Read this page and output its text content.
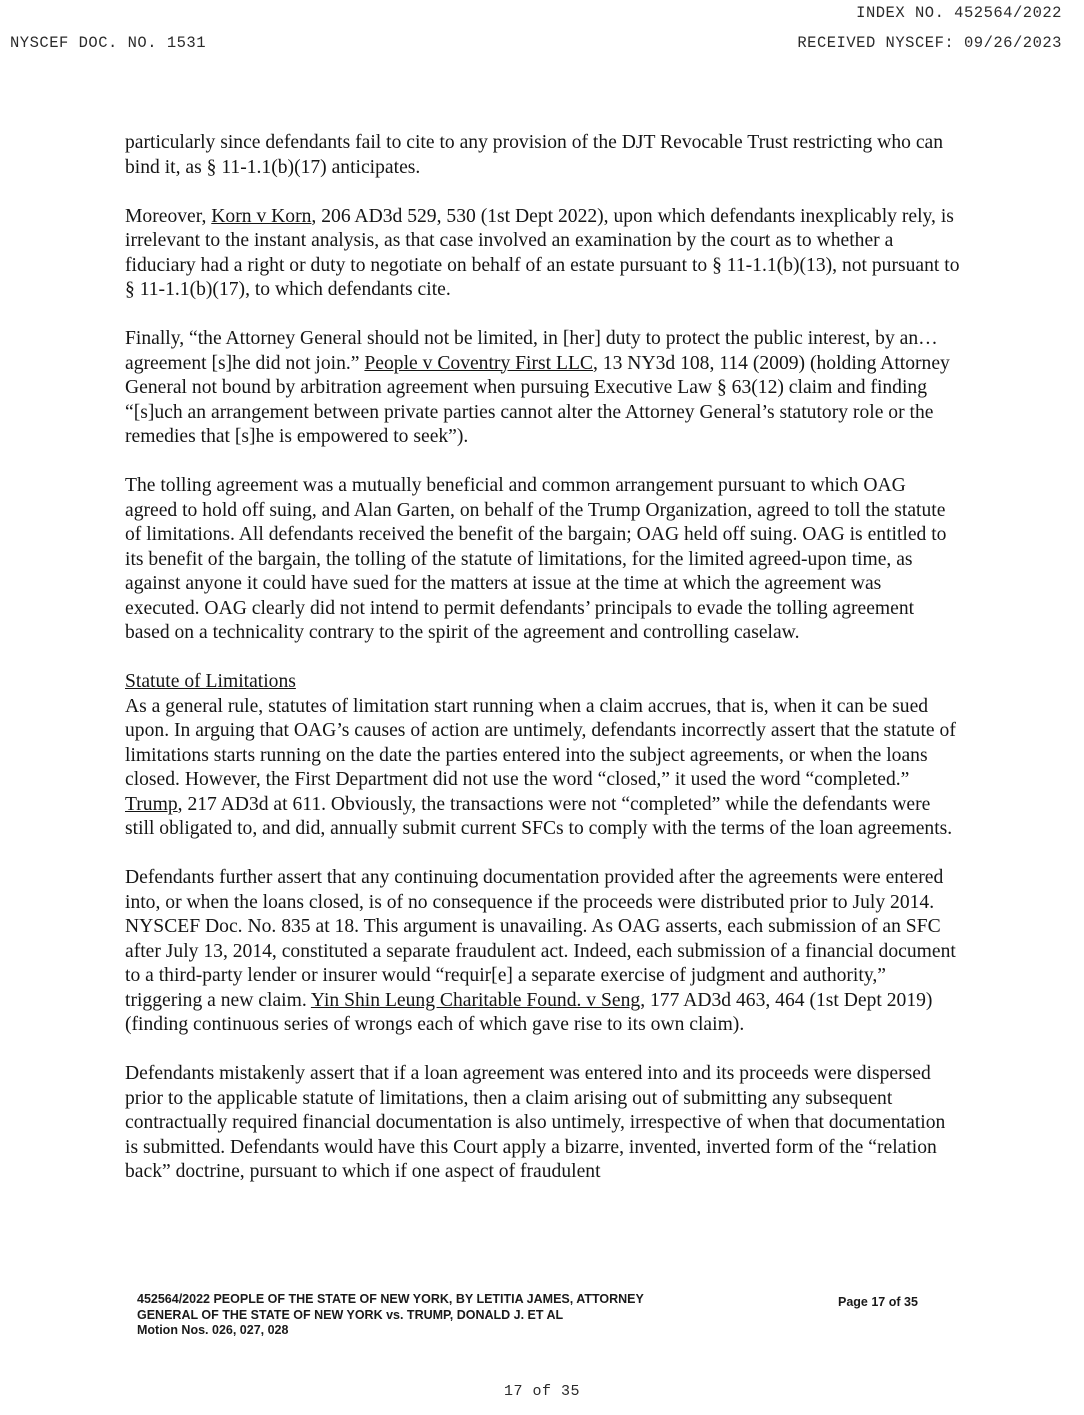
INDEX NO. 452564/2022
NYSCEF DOC. NO. 1531	RECEIVED NYSCEF: 09/26/2023

particularly since defendants fail to cite to any provision of the DJT Revocable Trust restricting who can bind it, as § 11-1.1(b)(17) anticipates.

Moreover, Korn v Korn, 206 AD3d 529, 530 (1st Dept 2022), upon which defendants inexplicably rely, is irrelevant to the instant analysis, as that case involved an examination by the court as to whether a fiduciary had a right or duty to negotiate on behalf of an estate pursuant to § 11-1.1(b)(13), not pursuant to § 11-1.1(b)(17), to which defendants cite.

Finally, “the Attorney General should not be limited, in [her] duty to protect the public interest, by an… agreement [s]he did not join.” People v Coventry First LLC, 13 NY3d 108, 114 (2009) (holding Attorney General not bound by arbitration agreement when pursuing Executive Law § 63(12) claim and finding “[s]uch an arrangement between private parties cannot alter the Attorney General’s statutory role or the remedies that [s]he is empowered to seek”).

The tolling agreement was a mutually beneficial and common arrangement pursuant to which OAG agreed to hold off suing, and Alan Garten, on behalf of the Trump Organization, agreed to toll the statute of limitations. All defendants received the benefit of the bargain; OAG held off suing. OAG is entitled to its benefit of the bargain, the tolling of the statute of limitations, for the limited agreed-upon time, as against anyone it could have sued for the matters at issue at the time at which the agreement was executed. OAG clearly did not intend to permit defendants’ principals to evade the tolling agreement based on a technicality contrary to the spirit of the agreement and controlling caselaw.

Statute of Limitations
As a general rule, statutes of limitation start running when a claim accrues, that is, when it can be sued upon. In arguing that OAG’s causes of action are untimely, defendants incorrectly assert that the statute of limitations starts running on the date the parties entered into the subject agreements, or when the loans closed. However, the First Department did not use the word “closed,” it used the word “completed.” Trump, 217 AD3d at 611. Obviously, the transactions were not “completed” while the defendants were still obligated to, and did, annually submit current SFCs to comply with the terms of the loan agreements.

Defendants further assert that any continuing documentation provided after the agreements were entered into, or when the loans closed, is of no consequence if the proceeds were distributed prior to July 2014. NYSCEF Doc. No. 835 at 18. This argument is unavailing. As OAG asserts, each submission of an SFC after July 13, 2014, constituted a separate fraudulent act. Indeed, each submission of a financial document to a third-party lender or insurer would “requir[e] a separate exercise of judgment and authority,” triggering a new claim. Yin Shin Leung Charitable Found. v Seng, 177 AD3d 463, 464 (1st Dept 2019) (finding continuous series of wrongs each of which gave rise to its own claim).

Defendants mistakenly assert that if a loan agreement was entered into and its proceeds were dispersed prior to the applicable statute of limitations, then a claim arising out of submitting any subsequent contractually required financial documentation is also untimely, irrespective of when that documentation is submitted. Defendants would have this Court apply a bizarre, invented, inverted form of the “relation back” doctrine, pursuant to which if one aspect of fraudulent

452564/2022 PEOPLE OF THE STATE OF NEW YORK, BY LETITIA JAMES, ATTORNEY
GENERAL OF THE STATE OF NEW YORK vs. TRUMP, DONALD J. ET AL
Motion Nos. 026, 027, 028
Page 17 of 35
17 of 35
